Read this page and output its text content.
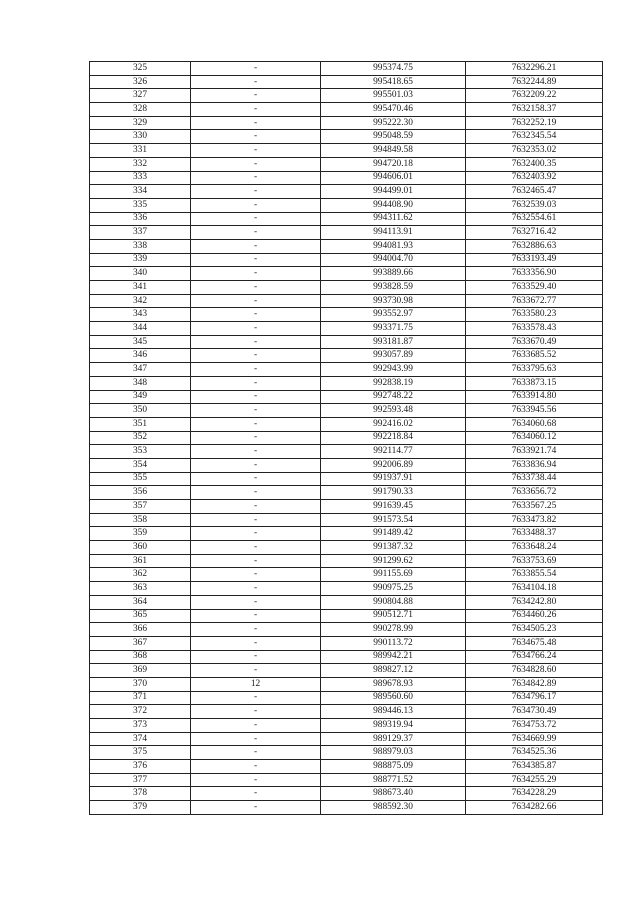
325	-	995374.75	7632296.21
326	-	995418.65	7632244.89
327	-	995501.03	7632209.22
328	-	995470.46	7632158.37
329	-	995222.30	7632252.19
330	-	995048.59	7632345.54
331	-	994849.58	7632353.02
332	-	994720.18	7632400.35
333	-	994606.01	7632403.92
334	-	994499.01	7632465.47
335	-	994408.90	7632539.03
336	-	994311.62	7632554.61
337	-	994113.91	7632716.42
338	-	994081.93	7632886.63
339	-	994004.70	7633193.49
340	-	993889.66	7633356.90
341	-	993828.59	7633529.40
342	-	993730.98	7633672.77
343	-	993552.97	7633580.23
344	-	993371.75	7633578.43
345	-	993181.87	7633670.49
346	-	993057.89	7633685.52
347	-	992943.99	7633795.63
348	-	992838.19	7633873.15
349	-	992748.22	7633914.80
350	-	992593.48	7633945.56
351	-	992416.02	7634060.68
352	-	992218.84	7634060.12
353	-	992114.77	7633921.74
354	-	992006.89	7633836.94
355	-	991937.91	7633738.44
356	-	991790.33	7633656.72
357	-	991639.45	7633567.25
358	-	991573.54	7633473.82
359	-	991489.42	7633488.37
360	-	991387.32	7633648.24
361	-	991299.62	7633753.69
362	-	991155.69	7633855.54
363	-	990975.25	7634104.18
364	-	990804.88	7634242.80
365	-	990512.71	7634460.26
366	-	990278.99	7634505.23
367	-	990113.72	7634675.48
368	-	989942.21	7634766.24
369	-	989827.12	7634828.60
370	12	989678.93	7634842.89
371	-	989560.60	7634796.17
372	-	989446.13	7634730.49
373	-	989319.94	7634753.72
374	-	989129.37	7634669.99
375	-	988979.03	7634525.36
376	-	988875.09	7634385.87
377	-	988771.52	7634255.29
378	-	988673.40	7634228.29
379	-	988592.30	7634282.66
